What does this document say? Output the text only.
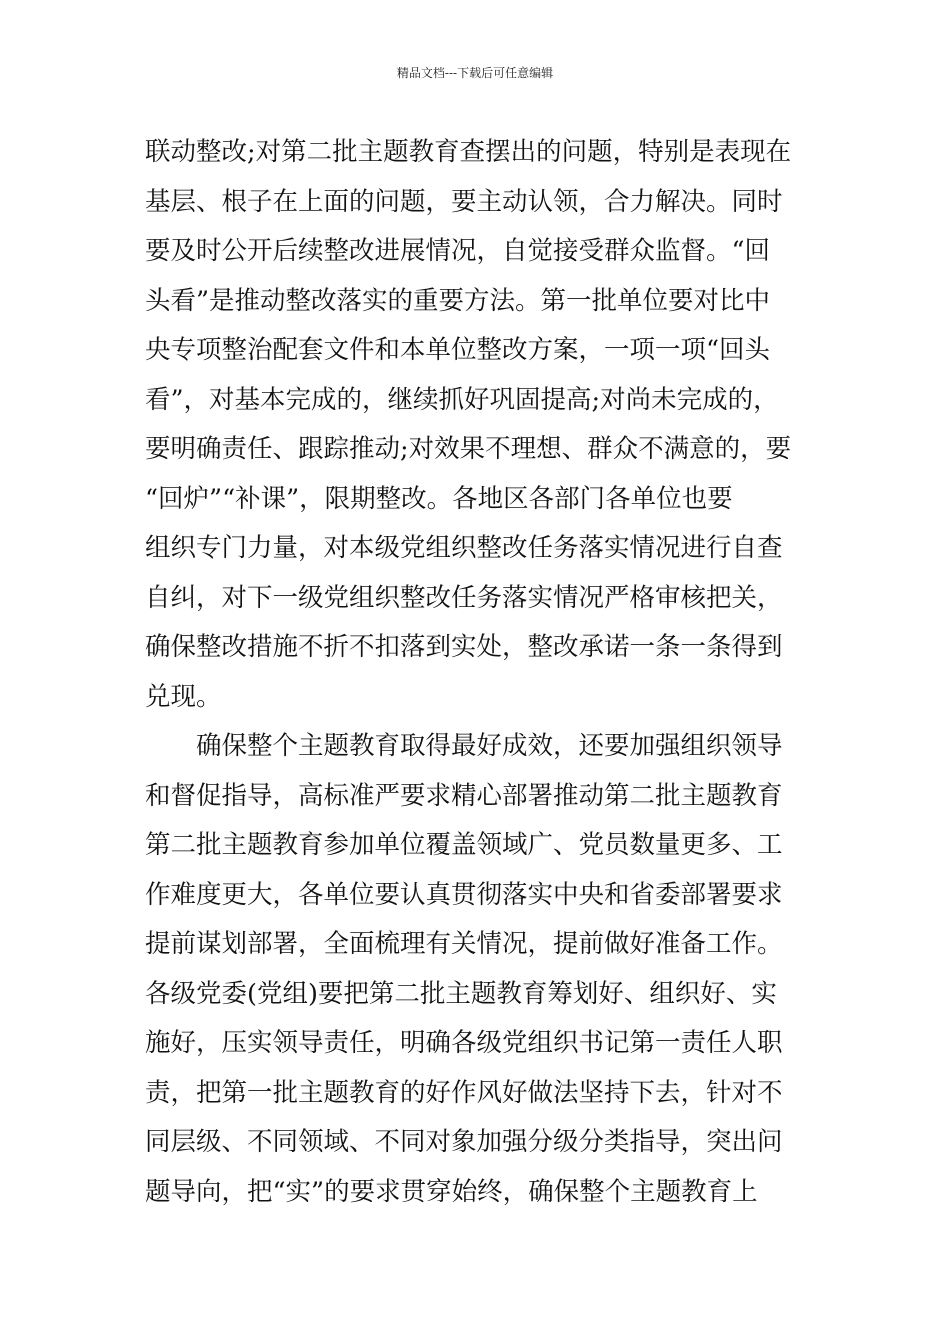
精品文档---下载后可任意编辑
联动整改;对第二批主题教育查摆出的问题，特别是表现在
基层、根子在上面的问题，要主动认领，合力解决。同时
要及时公开后续整改进展情况，自觉接受群众监督。“回
头看”是推动整改落实的重要方法。第一批单位要对比中
央专项整治配套文件和本单位整改方案，一项一项“回头
看”，对基本完成的，继续抓好巩固提高;对尚未完成的，
要明确责任、跟踪推动;对效果不理想、群众不满意的，要
“回炉”“补课”，限期整改。各地区各部门各单位也要
组织专门力量，对本级党组织整改任务落实情况进行自查
自纠，对下一级党组织整改任务落实情况严格审核把关，
确保整改措施不折不扣落到实处，整改承诺一条一条得到
兑现。
确保整个主题教育取得最好成效，还要加强组织领导
和督促指导，高标准严要求精心部署推动第二批主题教育
第二批主题教育参加单位覆盖领域广、党员数量更多、工
作难度更大，各单位要认真贯彻落实中央和省委部署要求
提前谋划部署，全面梳理有关情况，提前做好准备工作。
各级党委(党组)要把第二批主题教育筹划好、组织好、实
施好，压实领导责任，明确各级党组织书记第一责任人职
责，把第一批主题教育的好作风好做法坚持下去，针对不
同层级、不同领域、不同对象加强分级分类指导，突出问
题导向，把“实”的要求贯穿始终，确保整个主题教育上
